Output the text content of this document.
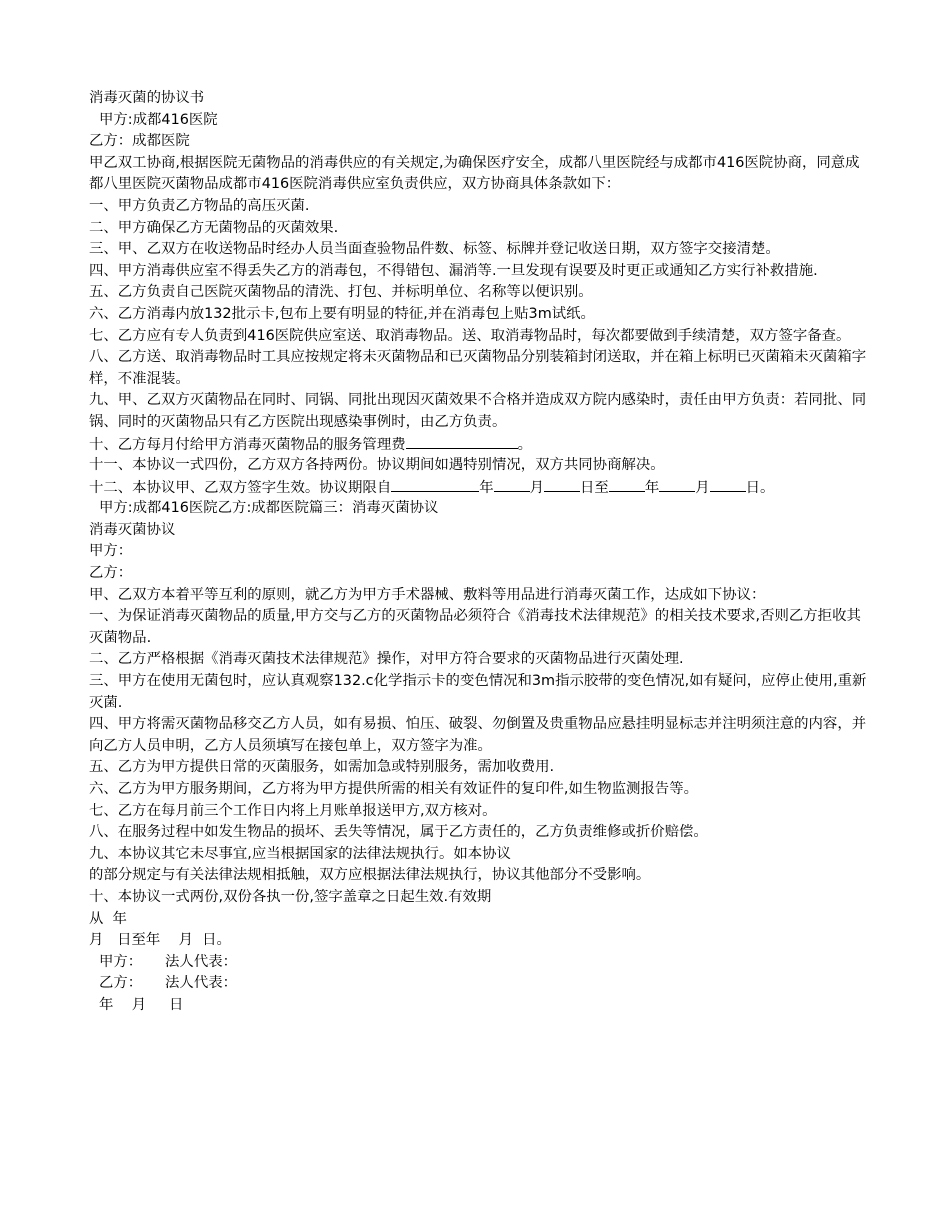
消毒灭菌的协议书
甲方:成都416医院
乙方：成都医院
甲乙双工协商,根据医院无菌物品的消毒供应的有关规定,为确保医疗安全，成都八里医院经与成都市416医院协商，同意成都八里医院灭菌物品成都市416医院消毒供应室负责供应，双方协商具体条款如下：
一、甲方负责乙方物品的高压灭菌.
二、甲方确保乙方无菌物品的灭菌效果.
三、甲、乙双方在收送物品时经办人员当面查验物品件数、标签、标牌并登记收送日期，双方签字交接清楚。
四、甲方消毒供应室不得丢失乙方的消毒包，不得错包、漏消等.一旦发现有误要及时更正或通知乙方实行补救措施.
五、乙方负责自己医院灭菌物品的清洗、打包、并标明单位、名称等以便识别。
六、乙方消毒内放132批示卡,包布上要有明显的特征,并在消毒包上贴3m试纸。
七、乙方应有专人负责到416医院供应室送、取消毒物品。送、取消毒物品时，每次都要做到手续清楚，双方签字备查。
八、乙方送、取消毒物品时工具应按规定将未灭菌物品和已灭菌物品分别装箱封闭送取，并在箱上标明已灭菌箱未灭菌箱字样，不准混装。
九、甲、乙双方灭菌物品在同时、同锅、同批出现因灭菌效果不合格并造成双方院内感染时，责任由甲方负责：若同批、同锅、同时的灭菌物品只有乙方医院出现感染事例时，由乙方负责。
十、乙方每月付给甲方消毒灭菌物品的服务管理费	。
十一、本协议一式四份，乙方双方各持两份。协议期间如遇特别情况，双方共同协商解决。
十二、本协议甲、乙双方签字生效。协议期限自	年	月	日至	年	月	日。
甲方:成都416医院乙方:成都医院篇三：消毒灭菌协议
消毒灭菌协议
甲方：
乙方：
甲、乙双方本着平等互利的原则，就乙方为甲方手术器械、敷料等用品进行消毒灭菌工作，达成如下协议：
一、为保证消毒灭菌物品的质量,甲方交与乙方的灭菌物品必须符合《消毒技术法律规范》的相关技术要求,否则乙方拒收其灭菌物品.
二、乙方严格根据《消毒灭菌技术法律规范》操作，对甲方符合要求的灭菌物品进行灭菌处理.
三、甲方在使用无菌包时，应认真观察132.c化学指示卡的变色情况和3m指示胶带的变色情况,如有疑问，应停止使用,重新灭菌.
四、甲方将需灭菌物品移交乙方人员，如有易损、怕压、破裂、勿倒置及贵重物品应悬挂明显标志并注明须注意的内容，并向乙方人员申明，乙方人员须填写在接包单上，双方签字为准。
五、乙方为甲方提供日常的灭菌服务，如需加急或特别服务，需加收费用.
六、乙方为甲方服务期间，乙方将为甲方提供所需的相关有效证件的复印件,如生物监测报告等。
七、乙方在每月前三个工作日内将上月账单报送甲方,双方核对。
八、在服务过程中如发生物品的损坏、丢失等情况，属于乙方责任的，乙方负责维修或折价赔偿。
九、本协议其它未尽事宜,应当根据国家的法律法规执行。如本协议
的部分规定与有关法律法规相抵触，双方应根据法律法规执行，协议其他部分不受影响。
十、本协议一式两份,双份各执一份,签字盖章之日起生效.有效期
从  年
月   日至年    月  日。
甲方：     法人代表：
乙方：     法人代表：
年    月     日
